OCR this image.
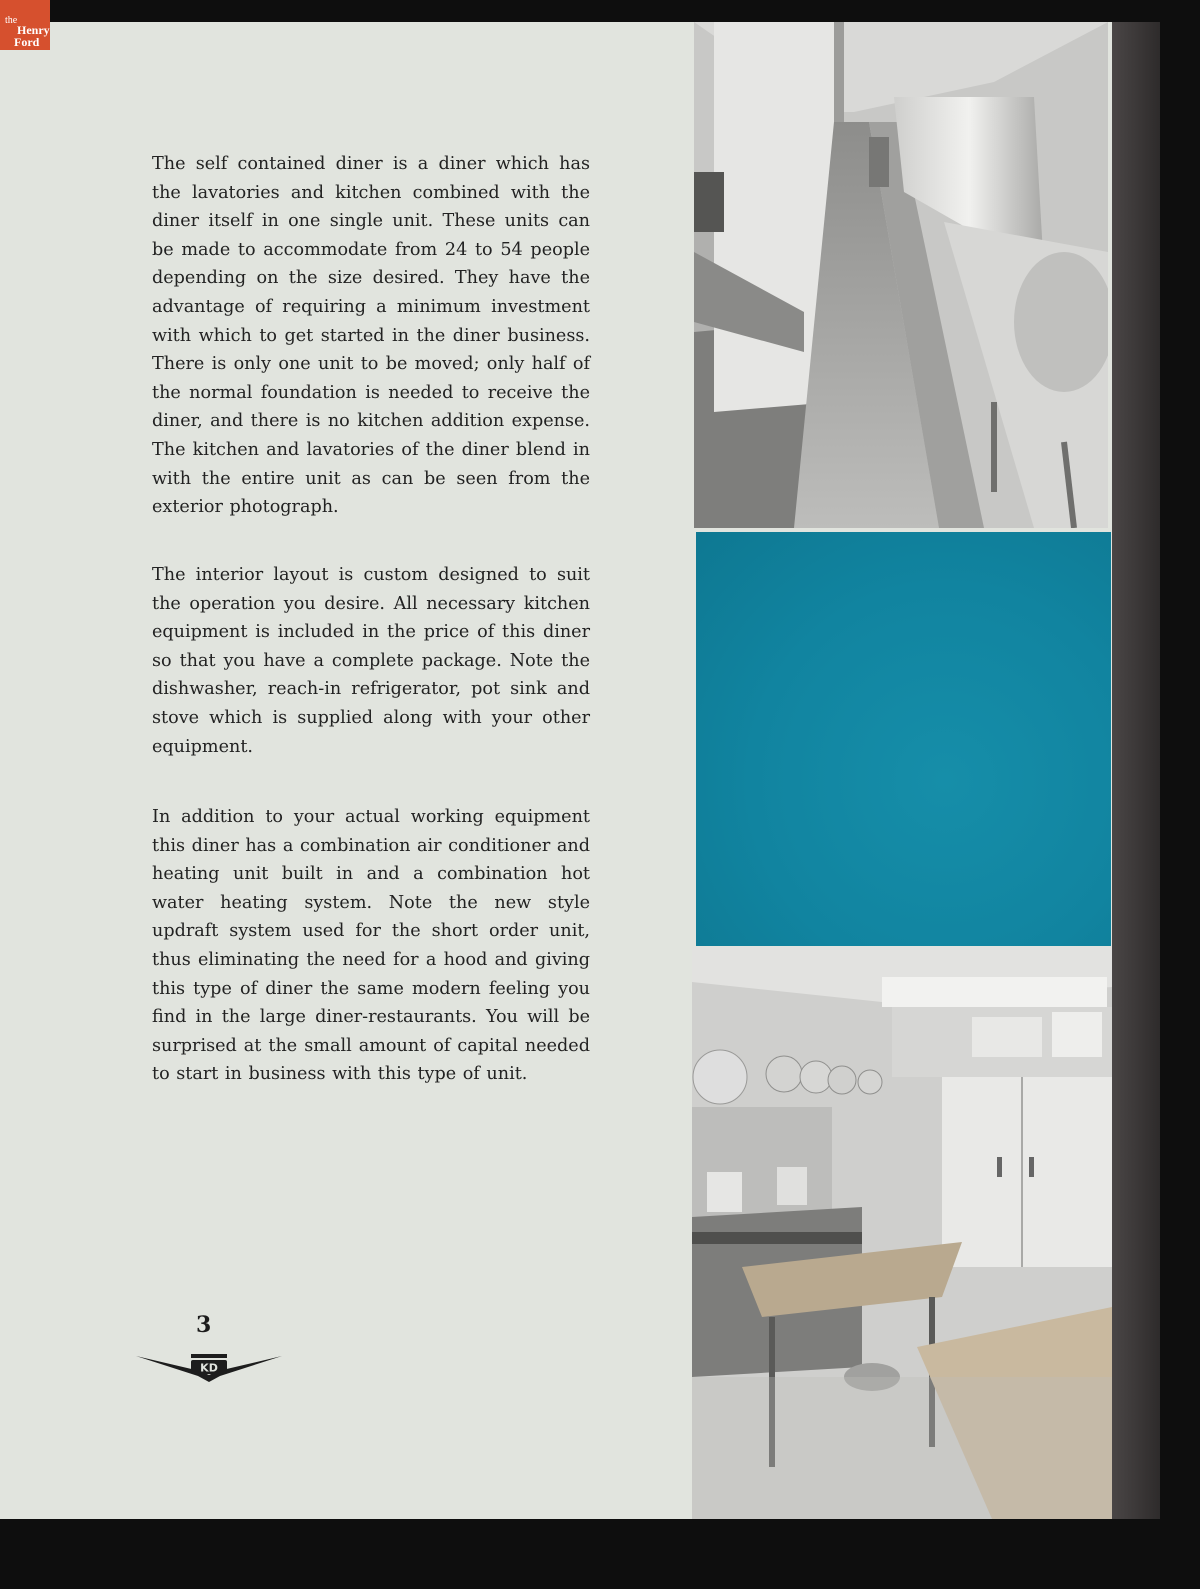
the
Henry
Ford

The self contained diner is a diner which has the lavatories and kitchen combined with the diner itself in one single unit. These units can be made to accommodate from 24 to 54 people depending on the size desired. They have the advantage of requiring a minimum investment with which to get started in the diner business. There is only one unit to be moved; only half of the normal foundation is needed to receive the diner, and there is no kitchen addition expense. The kitchen and lavatories of the diner blend in with the entire unit as can be seen from the exterior photograph.

The interior layout is custom designed to suit the operation you desire. All necessary kitchen equipment is included in the price of this diner so that you have a complete package. Note the dishwasher, reach-in refrigerator, pot sink and stove which is supplied along with your other equipment.

In addition to your actual working equipment this diner has a combination air conditioner and heating unit built in and a combination hot water heating system. Note the new style updraft system used for the short order unit, thus eliminating the need for a hood and giving this type of diner the same modern feeling you find in the large diner-restaurants. You will be surprised at the small amount of capital needed to start in business with this type of unit.

3
KD
